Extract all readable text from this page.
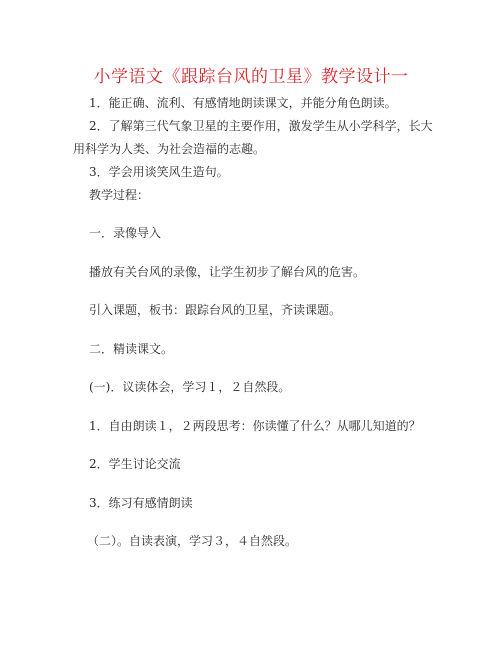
小学语文《跟踪台风的卫星》教学设计一
1．能正确、流利、有感情地朗读课文，并能分角色朗读。
2．了解第三代气象卫星的主要作用，激发学生从小学科学，长大
用科学为人类、为社会造福的志趣。
3．学会用谈笑风生造句。
教学过程：
一．录像导入
播放有关台风的录像，让学生初步了解台风的危害。
引入课题，板书：跟踪台风的卫星，齐读课题。
二．精读课文。
(一)．议读体会，学习１，２自然段。
1．自由朗读１，２两段思考：你读懂了什么？从哪儿知道的？
2．学生讨论交流
3．练习有感情朗读
（二）。自读表演，学习３，４自然段。
